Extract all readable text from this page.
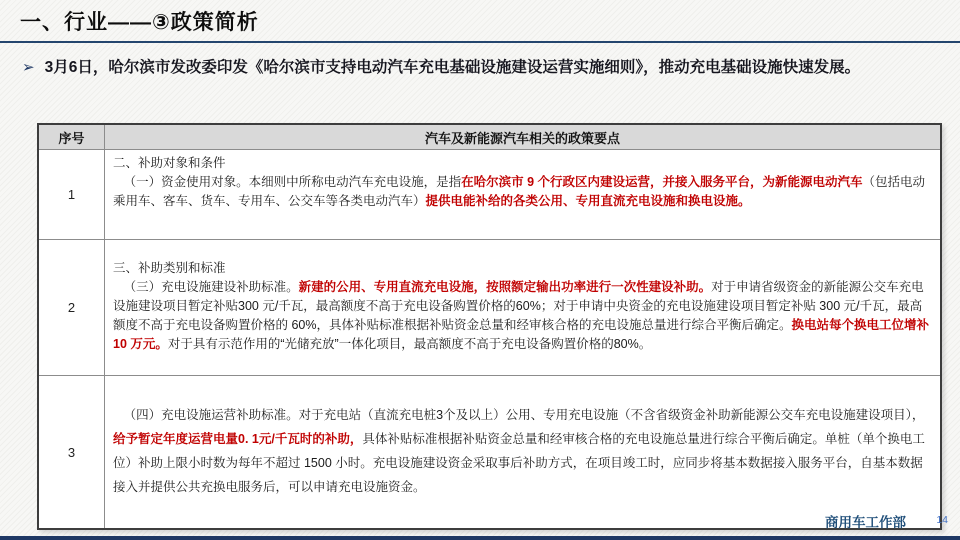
一、行业——③政策简析
➢ 3月6日，哈尔滨市发改委印发《哈尔滨市支持电动汽车充电基础设施建设运营实施细则》，推动充电基础设施快速发展。
序号	汽车及新能源汽车相关的政策要点
1	二、补助对象和条件

（一）资金使用对象。本细则中所称电动汽车充电设施，是指在哈尔滨市 9 个行政区内建设运营，并接入服务平台，为新能源电动汽车（包括电动乘用车、客车、货车、专用车、公交车等各类电动汽车）提供电能补给的各类公用、专用直流充电设施和换电设施。

2	三、补助类别和标准

（三）充电设施建设补助标准。新建的公用、专用直流充电设施，按照额定输出功率进行一次性建设补助。对于申请省级资金的新能源公交车充电设施建设项目暂定补贴300 元/千瓦，最高额度不高于充电设备购置价格的60%；对于申请中央资金的充电设施建设项目暂定补贴 300 元/千瓦，最高额度不高于充电设备购置价格的 60%，具体补贴标准根据补贴资金总量和经审核合格的充电设施总量进行综合平衡后确定。换电站每个换电工位增补 10 万元。对于具有示范作用的“光储充放”一体化项目，最高额度不高于充电设备购置价格的80%。

3	（四）充电设施运营补助标准。对于充电站（直流充电桩3个及以上）公用、专用充电设施（不含省级资金补助新能源公交车充电设施建设项目），给予暂定年度运营电量0. 1元/千瓦时的补助，具体补贴标准根据补贴资金总量和经审核合格的充电设施总量进行综合平衡后确定。单桩（单个换电工位）补助上限小时数为每年不超过 1500 小时。充电设施建设资金采取事后补助方式，在项目竣工时，应同步将基本数据接入服务平台，自基本数据接入并提供公共充换电服务后，可以申请充电设施资金。

商用车工作部	14
